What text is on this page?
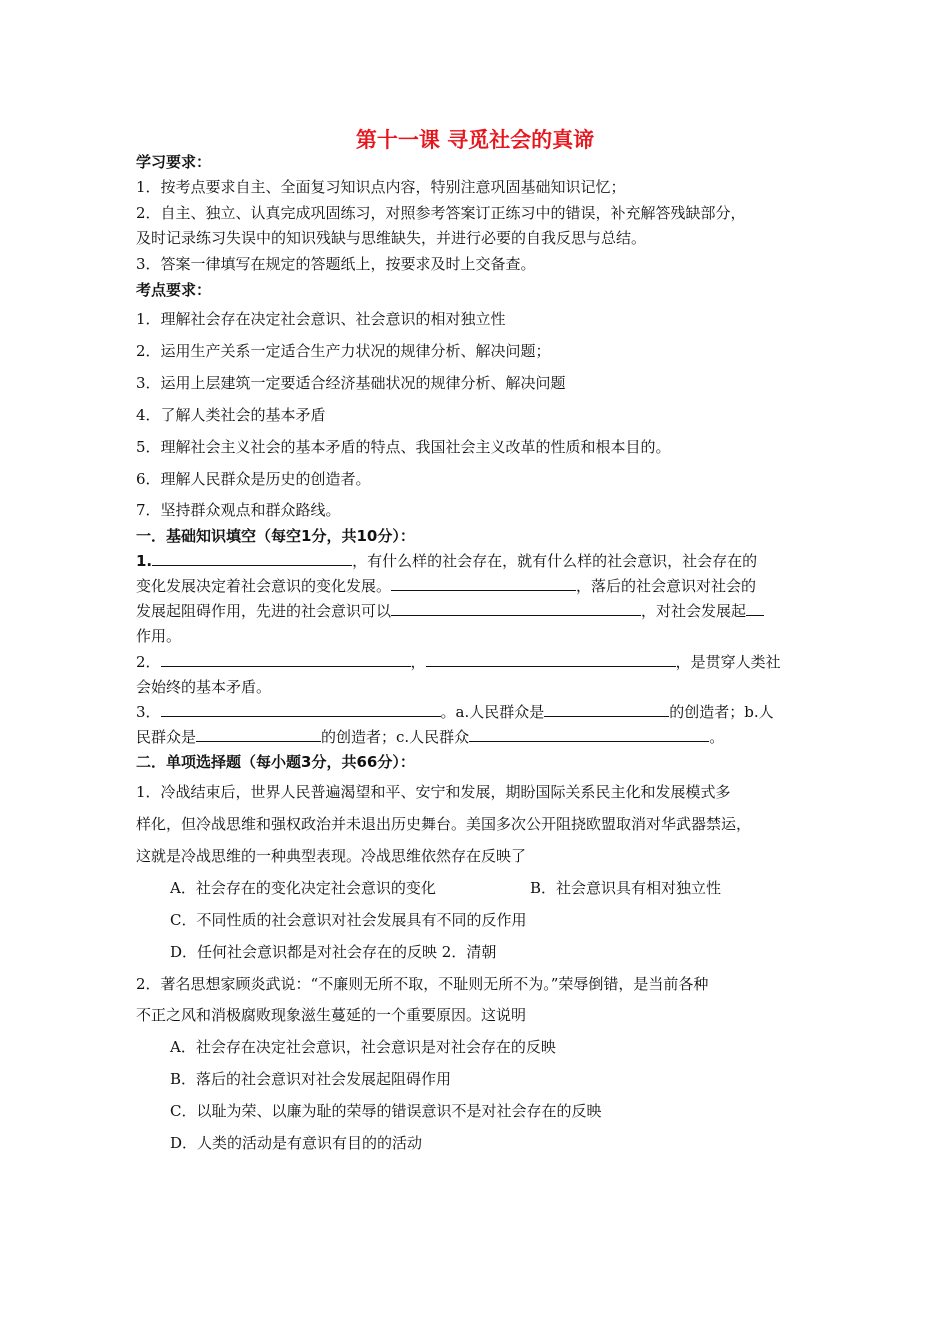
第十一课 寻觅社会的真谛
学习要求：
1．按考点要求自主、全面复习知识点内容，特别注意巩固基础知识记忆；
2．自主、独立、认真完成巩固练习，对照参考答案订正练习中的错误，补充解答残缺部分，
及时记录练习失误中的知识残缺与思维缺失，并进行必要的自我反思与总结。
3．答案一律填写在规定的答题纸上，按要求及时上交备查。
考点要求：
1．理解社会存在决定社会意识、社会意识的相对独立性
2．运用生产关系一定适合生产力状况的规律分析、解决问题；
3．运用上层建筑一定要适合经济基础状况的规律分析、解决问题
4．了解人类社会的基本矛盾
5．理解社会主义社会的基本矛盾的特点、我国社会主义改革的性质和根本目的。
6．理解人民群众是历史的创造者。
7．坚持群众观点和群众路线。
一．基础知识填空（每空1分，共10分）：
1.	，有什么样的社会存在，就有什么样的社会意识，社会存在的
变化发展决定着社会意识的变化发展。	，落后的社会意识对社会的
发展起阻碍作用，先进的社会意识可以	，对社会发展起
作用。
2．	，	，是贯穿人类社
会始终的基本矛盾。
3．	。a.人民群众是	的创造者；b.人
民群众是	的创造者；c.人民群众	。
二．单项选择题（每小题3分，共66分）：
1．冷战结束后，世界人民普遍渴望和平、安宁和发展，期盼国际关系民主化和发展模式多
样化，但冷战思维和强权政治并未退出历史舞台。美国多次公开阻挠欧盟取消对华武器禁运，
这就是冷战思维的一种典型表现。冷战思维依然存在反映了
A．社会存在的变化决定社会意识的变化	B．社会意识具有相对独立性
C．不同性质的社会意识对社会发展具有不同的反作用
D．任何社会意识都是对社会存在的反映 2．清朝
2．著名思想家顾炎武说：“不廉则无所不取，不耻则无所不为。”荣辱倒错，是当前各种
不正之风和消极腐败现象滋生蔓延的一个重要原因。这说明
A．社会存在决定社会意识，社会意识是对社会存在的反映
B．落后的社会意识对社会发展起阻碍作用
C．以耻为荣、以廉为耻的荣辱的错误意识不是对社会存在的反映
D．人类的活动是有意识有目的的活动
